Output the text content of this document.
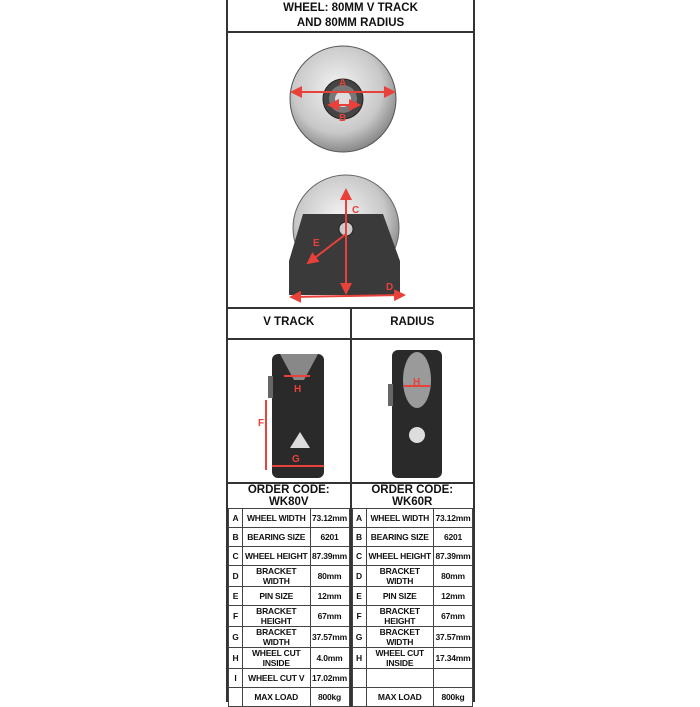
WHEEL: 80MM V TRACK
AND 80MM RADIUS
A
B
C
E
D
V TRACK	RADIUS
H
F
G
H
ORDER CODE: WK80V		
A	WHEEL WIDTH	73.12mm
B	BEARING SIZE	6201
C	WHEEL HEIGHT	87.39mm
D	BRACKET WIDTH	80mm
E	PIN SIZE	12mm
F	BRACKET HEIGHT	67mm
G	BRACKET WIDTH	37.57mm
H	WHEEL CUT INSIDE	4.0mm
I	WHEEL CUT V	17.02mm
	MAX LOAD	800kg
ORDER CODE: WK60R		
A	WHEEL WIDTH	73.12mm
B	BEARING SIZE	6201
C	WHEEL HEIGHT	87.39mm
D	BRACKET WIDTH	80mm
E	PIN SIZE	12mm
F	BRACKET HEIGHT	67mm
G	BRACKET WIDTH	37.57mm
H	WHEEL CUT INSIDE	17.34mm

	MAX LOAD	800kg
